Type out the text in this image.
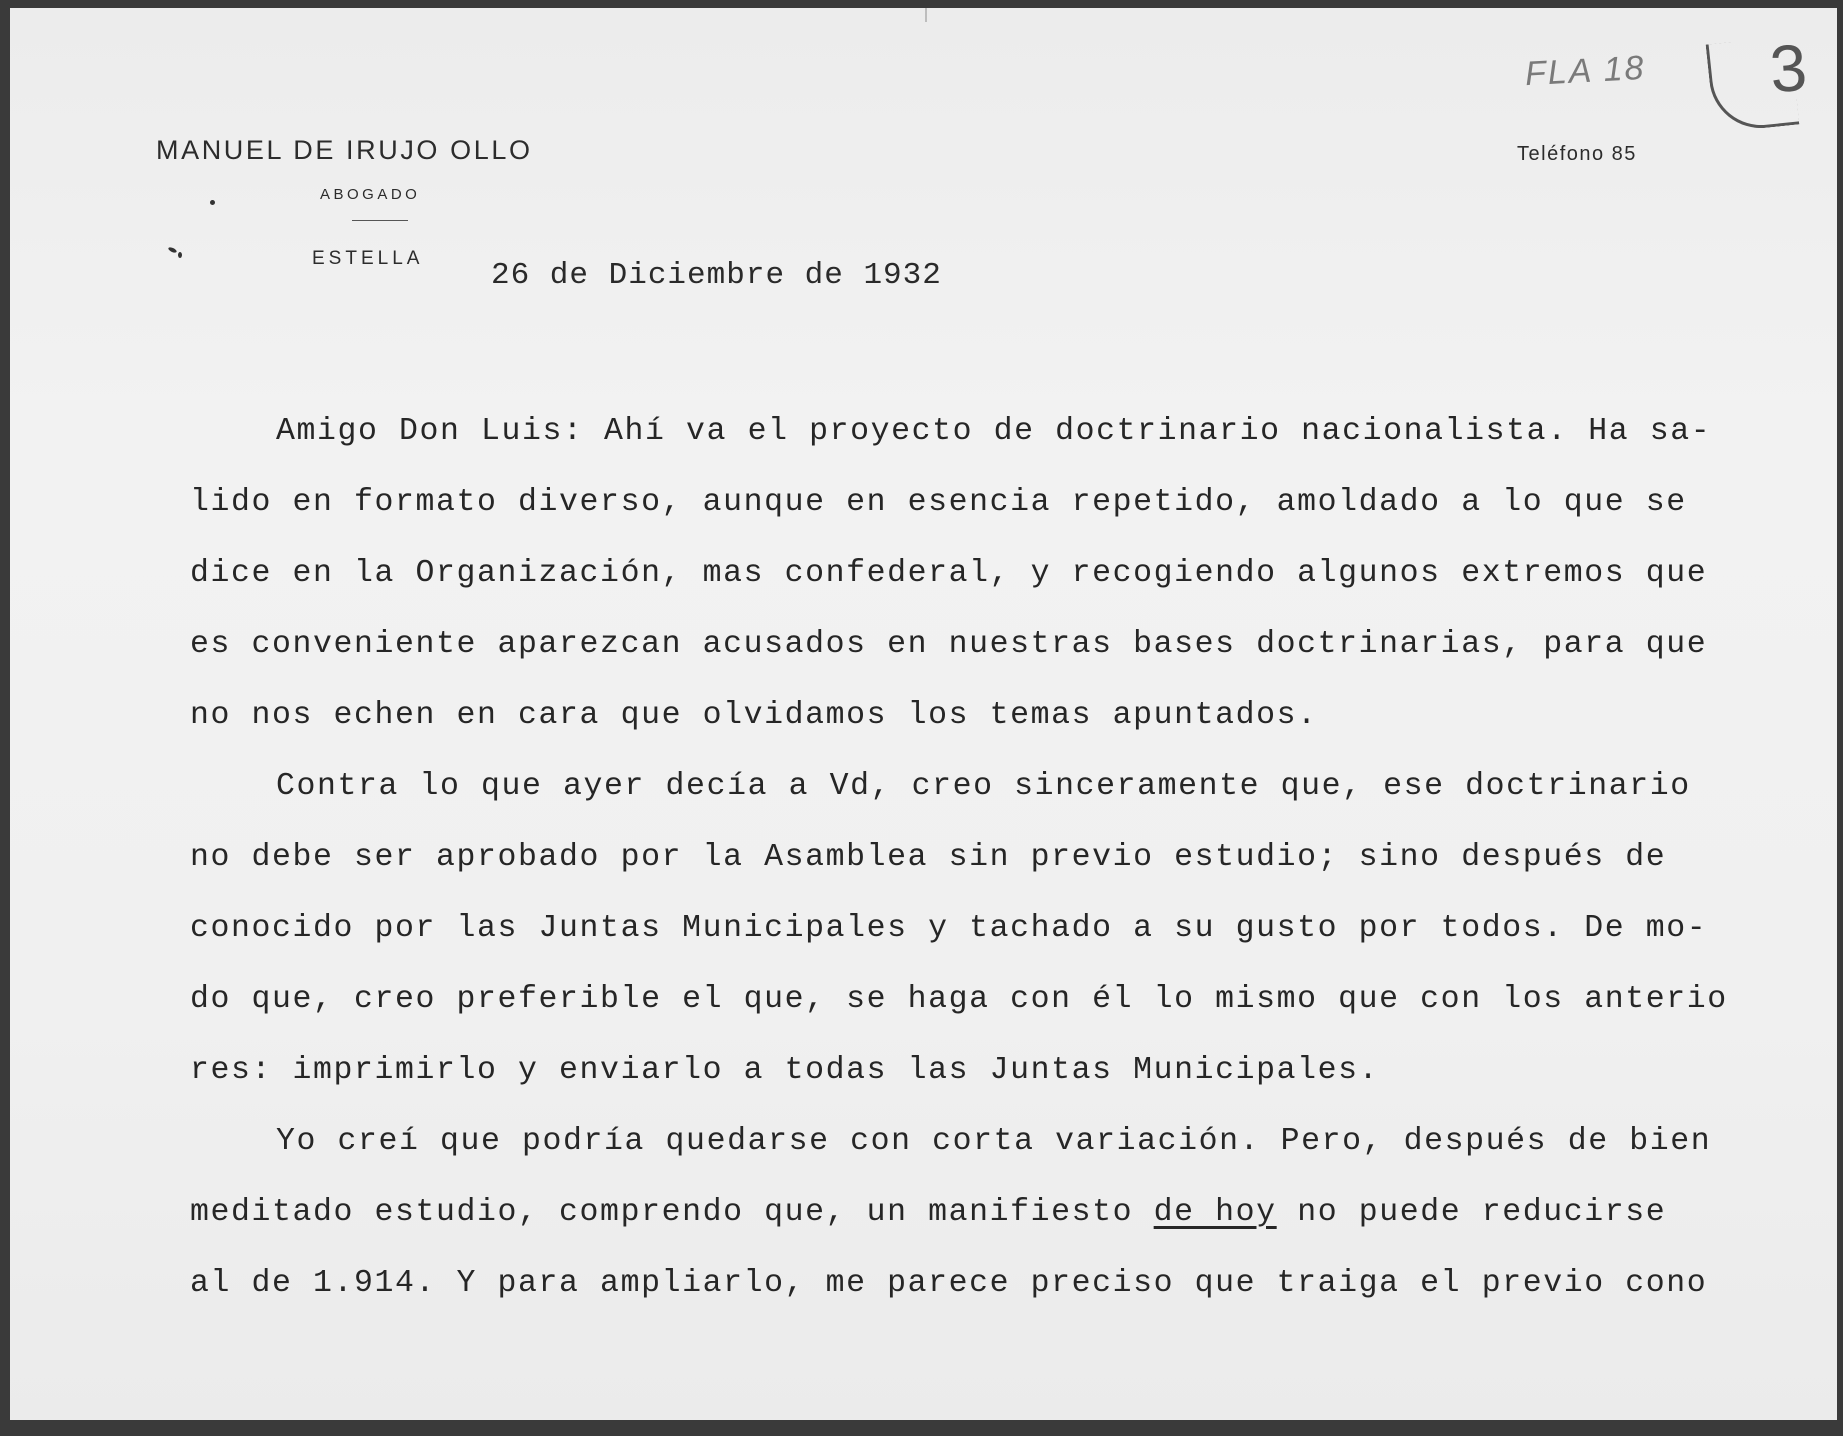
MANUEL DE IRUJO OLLO
ABOGADO
ESTELLA
Teléfono 85
FLA 18 3
26 de Diciembre de 1932
Amigo Don Luis: Ahí va el proyecto de doctrinario nacionalista. Ha sa-
lido en formato diverso, aunque en esencia repetido, amoldado a lo que se
dice en la Organización, mas confederal, y recogiendo algunos extremos que
es conveniente aparezcan acusados en nuestras bases doctrinarias, para que
no nos echen en cara que olvidamos los temas apuntados.
Contra lo que ayer decía a Vd, creo sinceramente que, ese doctrinario
no debe ser aprobado por la Asamblea sin previo estudio; sino después de
conocido por las Juntas Municipales y tachado a su gusto por todos. De mo-
do que, creo preferible el que, se haga con él lo mismo que con los anterio
res: imprimirlo y enviarlo a todas las Juntas Municipales.
Yo creí que podría quedarse con corta variación. Pero, después de bien
meditado estudio, comprendo que, un manifiesto de hoy no puede reducirse
al de 1.914. Y para ampliarlo, me parece preciso que traiga el previo cono
